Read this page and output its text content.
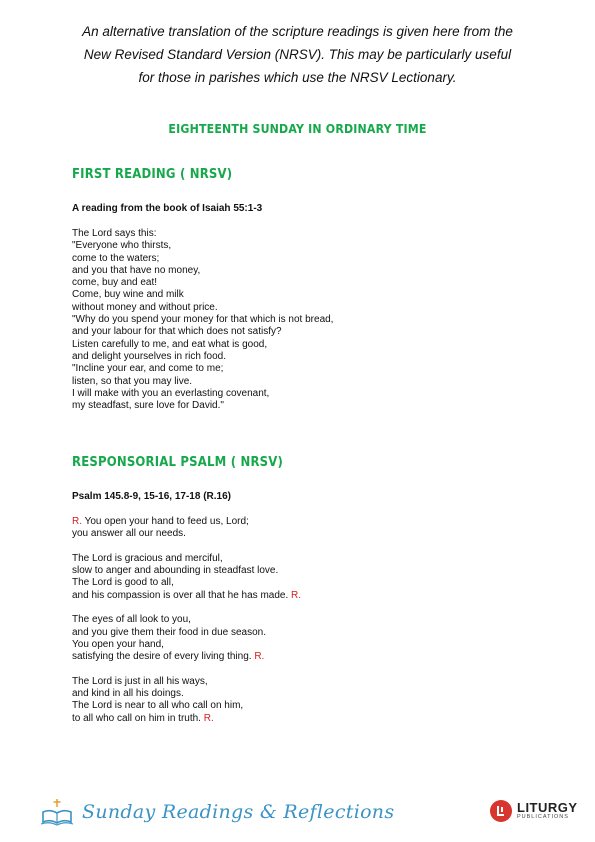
An alternative translation of the scripture readings is given here from the
New Revised Standard Version (NRSV). This may be particularly useful
for those in parishes which use the NRSV Lectionary.
EIGHTEENTH SUNDAY IN ORDINARY TIME
FIRST READING ( NRSV)
A reading from the book of Isaiah 55:1-3
The Lord says this:
"Everyone who thirsts,
come to the waters;
and you that have no money,
come, buy and eat!
Come, buy wine and milk
without money and without price.
"Why do you spend your money for that which is not bread,
and your labour for that which does not satisfy?
Listen carefully to me, and eat what is good,
and delight yourselves in rich food.
"Incline your ear, and come to me;
listen, so that you may live.
I will make with you an everlasting covenant,
my steadfast, sure love for David."
RESPONSORIAL PSALM ( NRSV)
Psalm 145.8-9, 15-16, 17-18 (R.16)
R. You open your hand to feed us, Lord;
you answer all our needs.
The Lord is gracious and merciful,
slow to anger and abounding in steadfast love.
The Lord is good to all,
and his compassion is over all that he has made. R.
The eyes of all look to you,
and you give them their food in due season.
You open your hand,
satisfying the desire of every living thing. R.
The Lord is just in all his ways,
and kind in all his doings.
The Lord is near to all who call on him,
to all who call on him in truth. R.
Sunday Readings & Reflections	LITURGY
PUBLICATIONS
